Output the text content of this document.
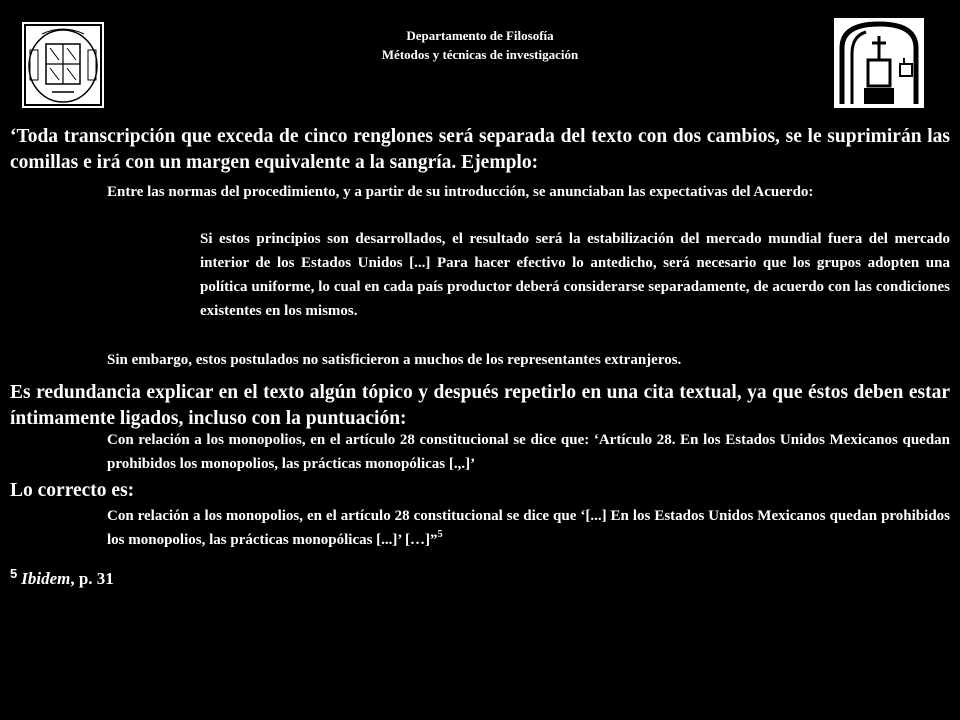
Departamento de Filosofía
Métodos y técnicas de investigación
‘Toda transcripción que exceda de cinco renglones será separada del texto con dos cambios, se le suprimirán las comillas e irá con un margen equivalente a la sangría. Ejemplo:
Entre las normas del procedimiento, y a partir de su introducción, se anunciaban las expectativas del Acuerdo:
Si estos principios son desarrollados, el resultado será la estabilización del mercado mundial fuera del mercado interior de los Estados Unidos [...] Para hacer efectivo lo antedicho, será necesario que los grupos adopten una política uniforme, lo cual en cada país productor deberá considerarse separadamente, de acuerdo con las condiciones existentes en los mismos.
Sin embargo, estos postulados no satisficieron a muchos de los representantes extranjeros.
Es redundancia explicar en el texto algún tópico y después repetirlo en una cita textual, ya que éstos deben estar íntimamente ligados, incluso con la puntuación:
Con relación a los monopolios, en el artículo 28 constitucional se dice que: ‘Artículo 28. En los Estados Unidos Mexicanos quedan prohibidos los monopolios, las prácticas monopólicas [.,.]’
Lo correcto es:
Con relación a los monopolios, en el artículo 28 constitucional se dice que ‘[...] En los Estados Unidos Mexicanos quedan prohibidos los monopolios, las prácticas monopólicas [...]’ […]”$^5$
$^5$ Ibidem, p. 31
